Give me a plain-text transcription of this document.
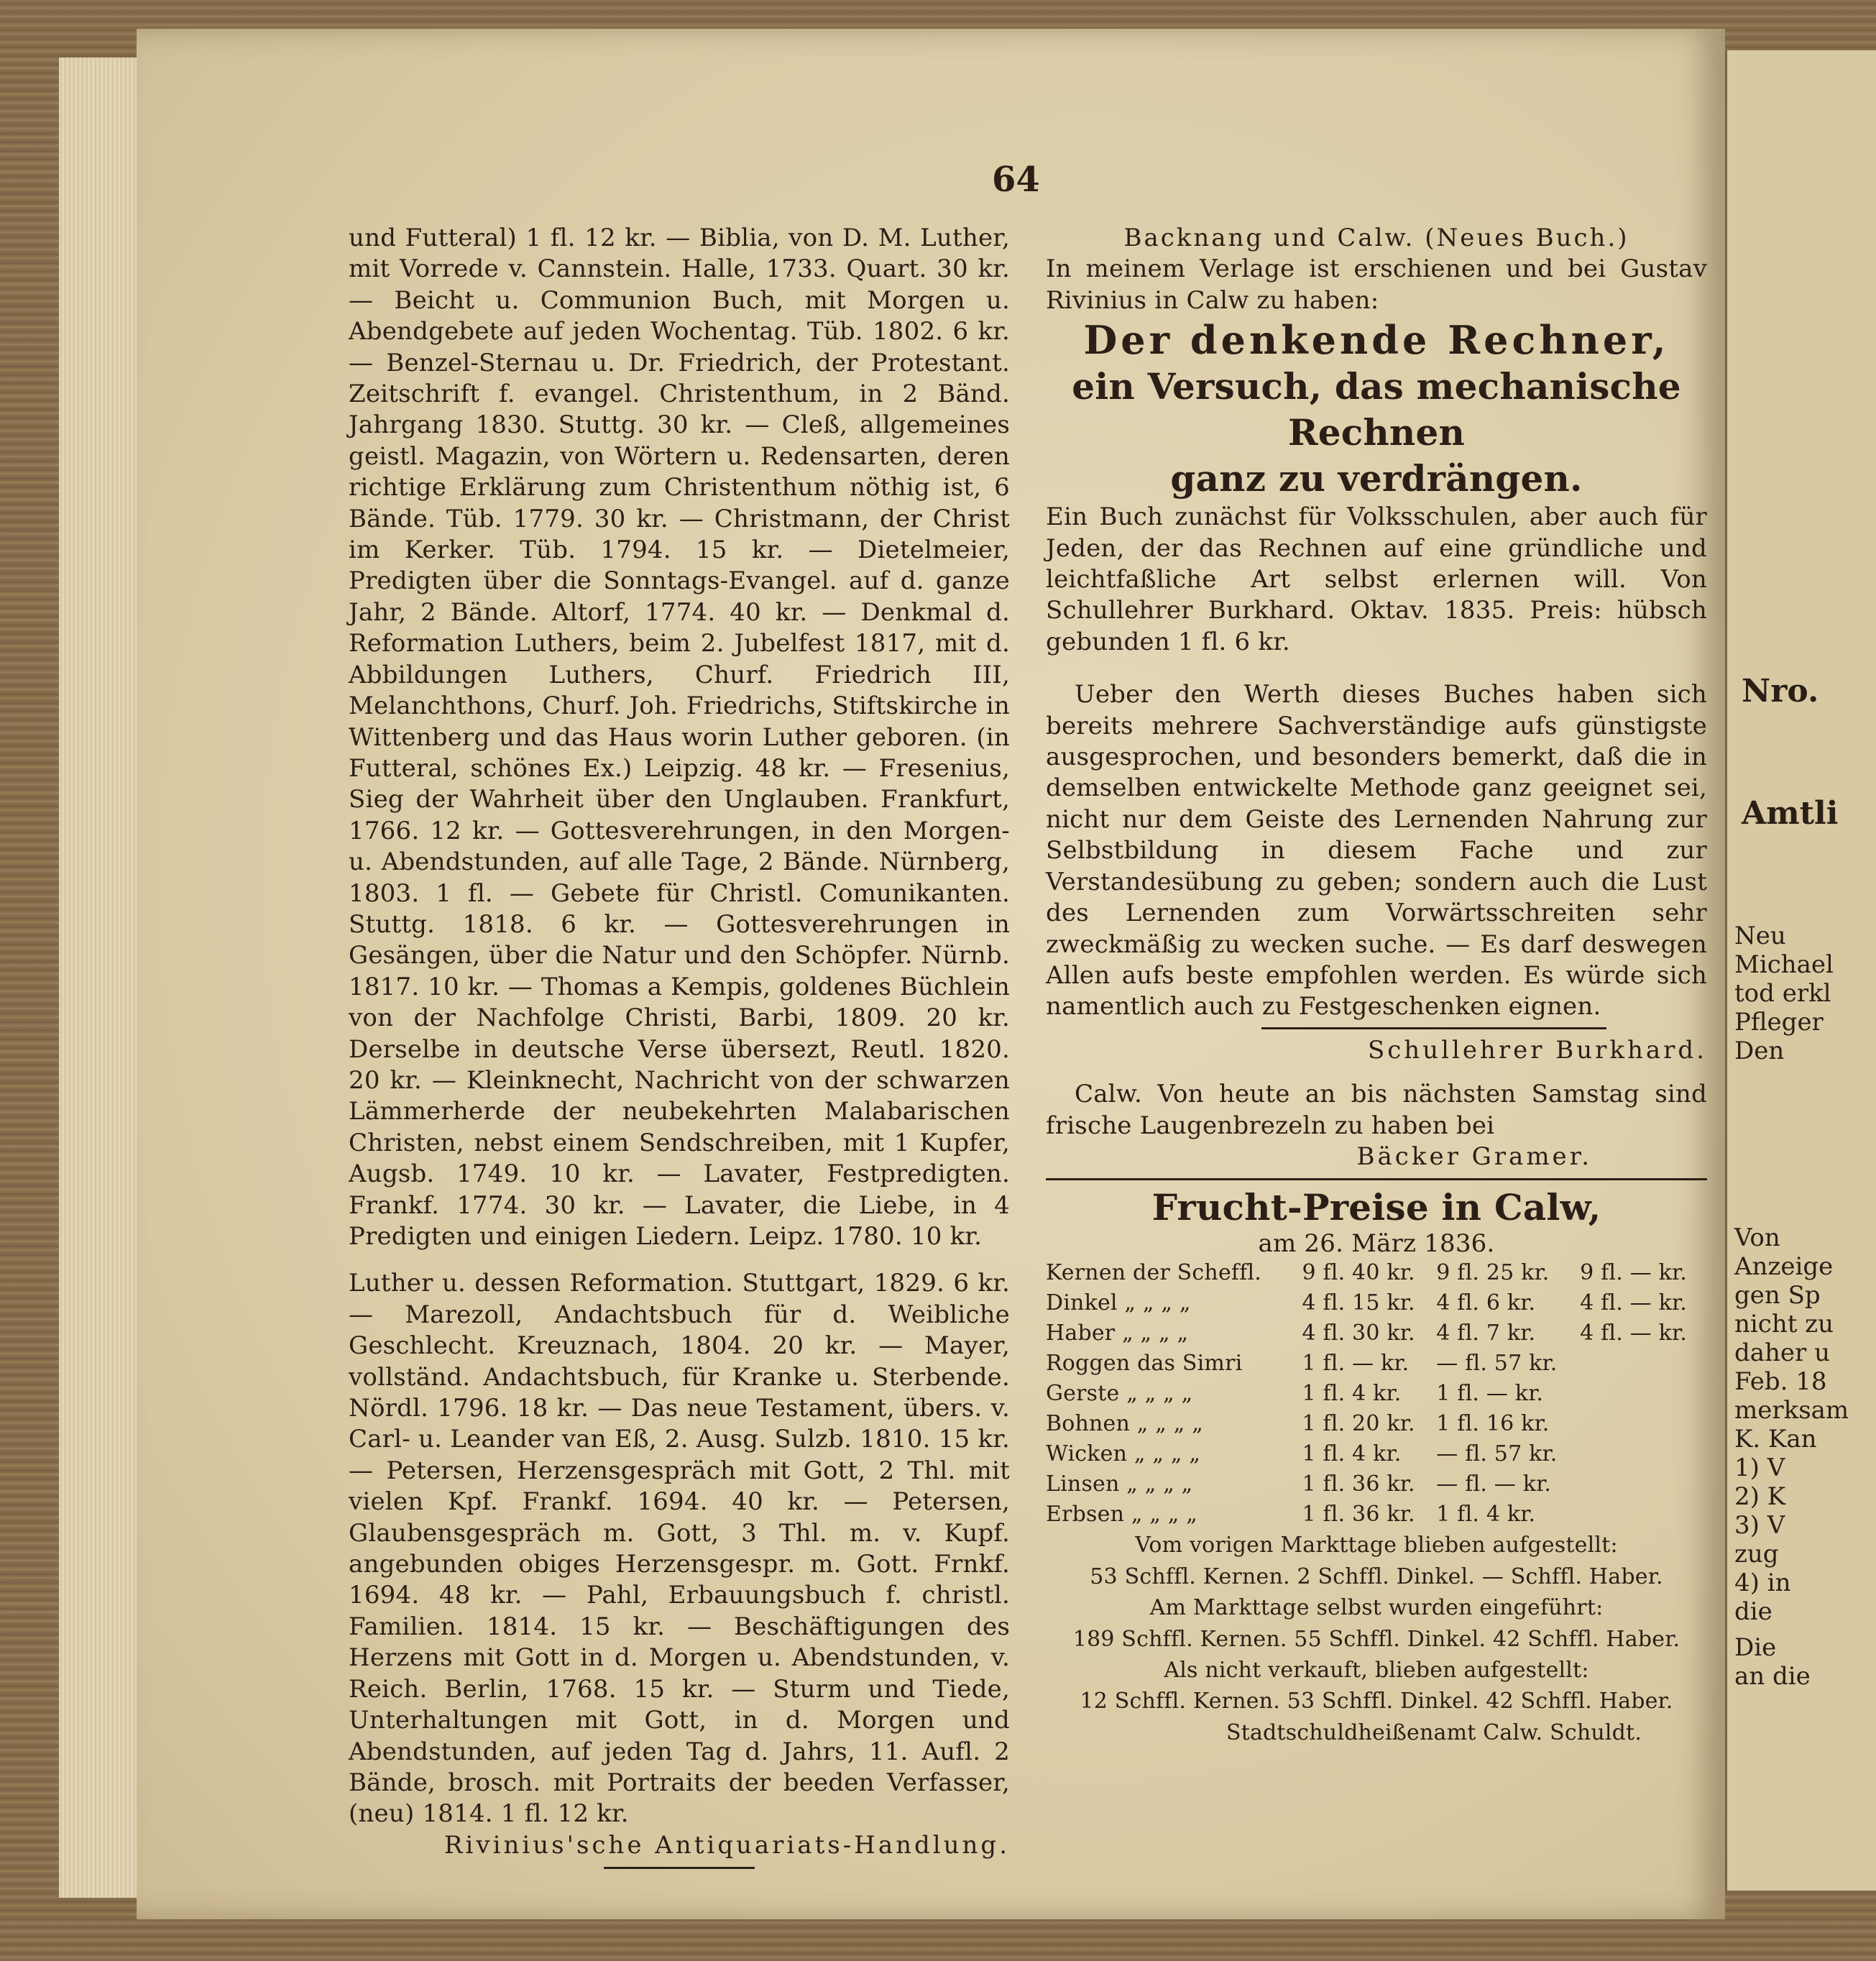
64

und Futteral) 1 fl. 12 kr. — Biblia, von D. M. Luther, mit Vorrede v. Cannstein. Halle, 1733. Quart. 30 kr. — Beicht u. Communion Buch, mit Morgen u. Abendgebete auf jeden Wochentag. Tüb. 1802. 6 kr. — Benzel-Sternau u. Dr. Friedrich, der Protestant. Zeitschrift f. evangel. Christenthum, in 2 Bänd. Jahrgang 1830. Stuttg. 30 kr. — Cleß, allgemeines geistl. Magazin, von Wörtern u. Redensarten, deren richtige Erklärung zum Christenthum nöthig ist, 6 Bände. Tüb. 1779. 30 kr. — Christmann, der Christ im Kerker. Tüb. 1794. 15 kr. — Dietelmeier, Predigten über die Sonntags-Evangel. auf d. ganze Jahr, 2 Bände. Altorf, 1774. 40 kr. — Denkmal d. Reformation Luthers, beim 2. Jubelfest 1817, mit d. Abbildungen Luthers, Churf. Friedrich III, Melanchthons, Churf. Joh. Friedrichs, Stiftskirche in Wittenberg und das Haus worin Luther geboren. (in Futteral, schönes Ex.) Leipzig. 48 kr. — Fresenius, Sieg der Wahrheit über den Unglauben. Frankfurt, 1766. 12 kr. — Gottesverehrungen, in den Morgen- u. Abendstunden, auf alle Tage, 2 Bände. Nürnberg, 1803. 1 fl. — Gebete für Christl. Comunikanten. Stuttg. 1818. 6 kr. — Gottesverehrungen in Gesängen, über die Natur und den Schöpfer. Nürnb. 1817. 10 kr. — Thomas a Kempis, goldenes Büchlein von der Nachfolge Christi, Barbi, 1809. 20 kr. Derselbe in deutsche Verse übersezt, Reutl. 1820. 20 kr. — Kleinknecht, Nachricht von der schwarzen Lämmerherde der neubekehrten Malabarischen Christen, nebst einem Sendschreiben, mit 1 Kupfer, Augsb. 1749. 10 kr. — Lavater, Festpredigten. Frankf. 1774. 30 kr. — Lavater, die Liebe, in 4 Predigten und einigen Liedern. Leipz. 1780. 10 kr.

Luther u. dessen Reformation. Stuttgart, 1829. 6 kr. — Marezoll, Andachtsbuch für d. Weibliche Geschlecht. Kreuznach, 1804. 20 kr. — Mayer, vollständ. Andachtsbuch, für Kranke u. Sterbende. Nördl. 1796. 18 kr. — Das neue Testament, übers. v. Carl- u. Leander van Eß, 2. Ausg. Sulzb. 1810. 15 kr. — Petersen, Herzensgespräch mit Gott, 2 Thl. mit vielen Kpf. Frankf. 1694. 40 kr. — Petersen, Glaubensgespräch m. Gott, 3 Thl. m. v. Kupf. angebunden obiges Herzensgespr. m. Gott. Frnkf. 1694. 48 kr. — Pahl, Erbauungsbuch f. christl. Familien. 1814. 15 kr. — Beschäftigungen des Herzens mit Gott in d. Morgen u. Abendstunden, v. Reich. Berlin, 1768. 15 kr. — Sturm und Tiede, Unterhaltungen mit Gott, in d. Morgen und Abendstunden, auf jeden Tag d. Jahrs, 11. Aufl. 2 Bände, brosch. mit Portraits der beeden Verfasser, (neu) 1814. 1 fl. 12 kr.

Rivinius'sche Antiquariats-Handlung.

Backnang und Calw. (Neues Buch.)

In meinem Verlage ist erschienen und bei Gustav Rivinius in Calw zu haben:

Der denkende Rechner,

ein Versuch, das mechanische Rechnen

ganz zu verdrängen.

Ein Buch zunächst für Volksschulen, aber auch für Jeden, der das Rechnen auf eine gründliche und leichtfaßliche Art selbst erlernen will. Von Schullehrer Burkhard. Oktav. 1835. Preis: hübsch gebunden 1 fl. 6 kr.

Ueber den Werth dieses Buches haben sich bereits mehrere Sachverständige aufs günstigste ausgesprochen, und besonders bemerkt, daß die in demselben entwickelte Methode ganz geeignet sei, nicht nur dem Geiste des Lernenden Nahrung zur Selbstbildung in diesem Fache und zur Verstandesübung zu geben; sondern auch die Lust des Lernenden zum Vorwärtsschreiten sehr zweckmäßig zu wecken suche. — Es darf deswegen Allen aufs beste empfohlen werden. Es würde sich namentlich auch zu Festgeschenken eignen.

Schullehrer Burkhard.

Calw. Von heute an bis nächsten Samstag sind frische Laugenbrezeln zu haben bei

Bäcker Gramer.

Frucht-Preise in Calw,

am 26. März 1836.

Kernen der Scheffl.	9 fl. 40 kr.	9 fl. 25 kr.	9 fl. — kr.
Dinkel „ „ „ „	4 fl. 15 kr.	4 fl. 6 kr.	4 fl. — kr.
Haber „ „ „ „	4 fl. 30 kr.	4 fl. 7 kr.	4 fl. — kr.
Roggen das Simri	1 fl. — kr.	— fl. 57 kr.	
Gerste „ „ „ „	1 fl. 4 kr.	1 fl. — kr.	
Bohnen „ „ „ „	1 fl. 20 kr.	1 fl. 16 kr.	
Wicken „ „ „ „	1 fl. 4 kr.	— fl. 57 kr.	
Linsen „ „ „ „	1 fl. 36 kr.	— fl. — kr.	
Erbsen „ „ „ „	1 fl. 36 kr.	1 fl. 4 kr.	

Vom vorigen Markttage blieben aufgestellt:

53 Schffl. Kernen. 2 Schffl. Dinkel. — Schffl. Haber.

Am Markttage selbst wurden eingeführt:

189 Schffl. Kernen. 55 Schffl. Dinkel. 42 Schffl. Haber.

Als nicht verkauft, blieben aufgestellt:

12 Schffl. Kernen. 53 Schffl. Dinkel. 42 Schffl. Haber.

Stadtschuldheißenamt Calw. Schuldt.

Nro.
Amtli
Neu
Michael
tod erkl
Pfleger
Den
Von
Anzeige
gen Sp
nicht zu
daher u
Feb. 18
merksam
K. Kan
1) V
2) K
3) V
zug
4) in
die
Die
an die
